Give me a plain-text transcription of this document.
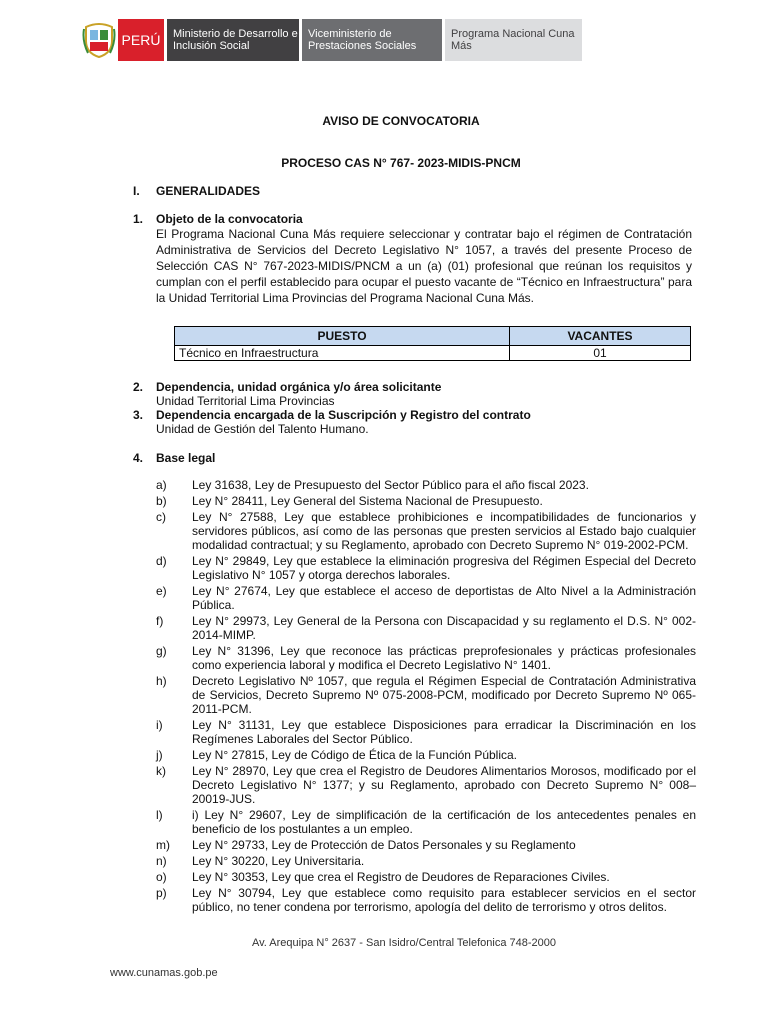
PERÚ	Ministerio de Desarrollo e Inclusión Social
Viceministerio de Prestaciones Sociales
Programa Nacional Cuna Más
AVISO DE CONVOCATORIA
PROCESO CAS N° 767- 2023-MIDIS-PNCM
I. GENERALIDADES
1. Objeto de la convocatoria
El Programa Nacional Cuna Más requiere seleccionar y contratar bajo el régimen de Contratación Administrativa de Servicios del Decreto Legislativo N° 1057, a través del presente Proceso de Selección CAS N° 767-2023-MIDIS/PNCM a un (a) (01) profesional que reúnan los requisitos y cumplan con el perfil establecido para ocupar el puesto vacante de “Técnico en Infraestructura” para la Unidad Territorial Lima Provincias del Programa Nacional Cuna Más.
PUESTO	VACANTES
Técnico en Infraestructura	01
2. Dependencia, unidad orgánica y/o área solicitante
Unidad Territorial Lima Provincias
3. Dependencia encargada de la Suscripción y Registro del contrato
Unidad de Gestión del Talento Humano.
4. Base legal
a)	Ley 31638, Ley de Presupuesto del Sector Público para el año fiscal 2023.
b)	Ley N° 28411, Ley General del Sistema Nacional de Presupuesto.
c)	Ley N° 27588, Ley que establece prohibiciones e incompatibilidades de funcionarios y servidores públicos, así como de las personas que presten servicios al Estado bajo cualquier modalidad contractual; y su Reglamento, aprobado con Decreto Supremo N° 019-2002-PCM.
d)	Ley N° 29849, Ley que establece la eliminación progresiva del Régimen Especial del Decreto Legislativo N° 1057 y otorga derechos laborales.
e)	Ley N° 27674, Ley que establece el acceso de deportistas de Alto Nivel a la Administración Pública.
f)	Ley N° 29973, Ley General de la Persona con Discapacidad y su reglamento el D.S. N° 002-2014-MIMP.
g)	Ley N° 31396, Ley que reconoce las prácticas preprofesionales y prácticas profesionales como experiencia laboral y modifica el Decreto Legislativo N° 1401.
h)	Decreto Legislativo Nº 1057, que regula el Régimen Especial de Contratación Administrativa de Servicios, Decreto Supremo Nº 075-2008-PCM, modificado por Decreto Supremo Nº 065-2011-PCM.
i)	Ley N° 31131, Ley que establece Disposiciones para erradicar la Discriminación en los Regímenes Laborales del Sector Público.
j)	Ley N° 27815, Ley de Código de Ética de la Función Pública.
k)	Ley N° 28970, Ley que crea el Registro de Deudores Alimentarios Morosos, modificado por el Decreto Legislativo N° 1377; y su Reglamento, aprobado con Decreto Supremo N° 008–20019-JUS.
l)	i) Ley N° 29607, Ley de simplificación de la certificación de los antecedentes penales en beneficio de los postulantes a un empleo.
m)	Ley N° 29733, Ley de Protección de Datos Personales y su Reglamento
n)	Ley N° 30220, Ley Universitaria.
o)	Ley N° 30353, Ley que crea el Registro de Deudores de Reparaciones Civiles.
p)	Ley N° 30794, Ley que establece como requisito para establecer servicios en el sector público, no tener condena por terrorismo, apología del delito de terrorismo y otros delitos.
Av. Arequipa N° 2637 - San Isidro/Central Telefonica 748-2000
www.cunamas.gob.pe
